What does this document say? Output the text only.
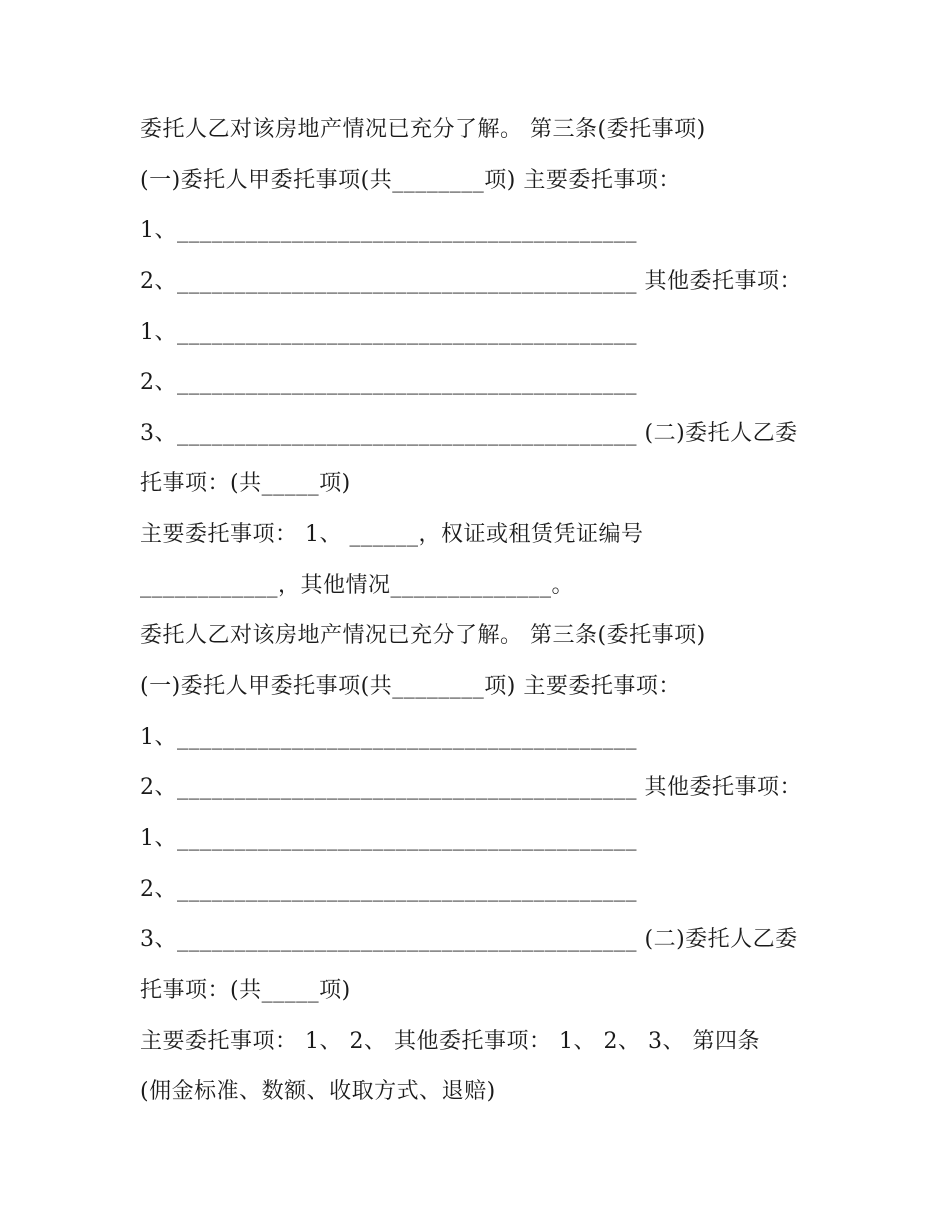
委托人乙对该房地产情况已充分了解。 第三条(委托事项)
(一)委托人甲委托事项(共________项) 主要委托事项：
1、________________________________________
2、________________________________________ 其他委托事项：
1、________________________________________
2、________________________________________
3、________________________________________ (二)委托人乙委
托事项：(共_____项)
主要委托事项： 1、 ______，权证或租赁凭证编号
____________，其他情况______________。
委托人乙对该房地产情况已充分了解。 第三条(委托事项)
(一)委托人甲委托事项(共________项) 主要委托事项：
1、________________________________________
2、________________________________________ 其他委托事项：
1、________________________________________
2、________________________________________
3、________________________________________ (二)委托人乙委
托事项：(共_____项)
主要委托事项： 1、 2、 其他委托事项： 1、 2、 3、 第四条
(佣金标准、数额、收取方式、退赔)
